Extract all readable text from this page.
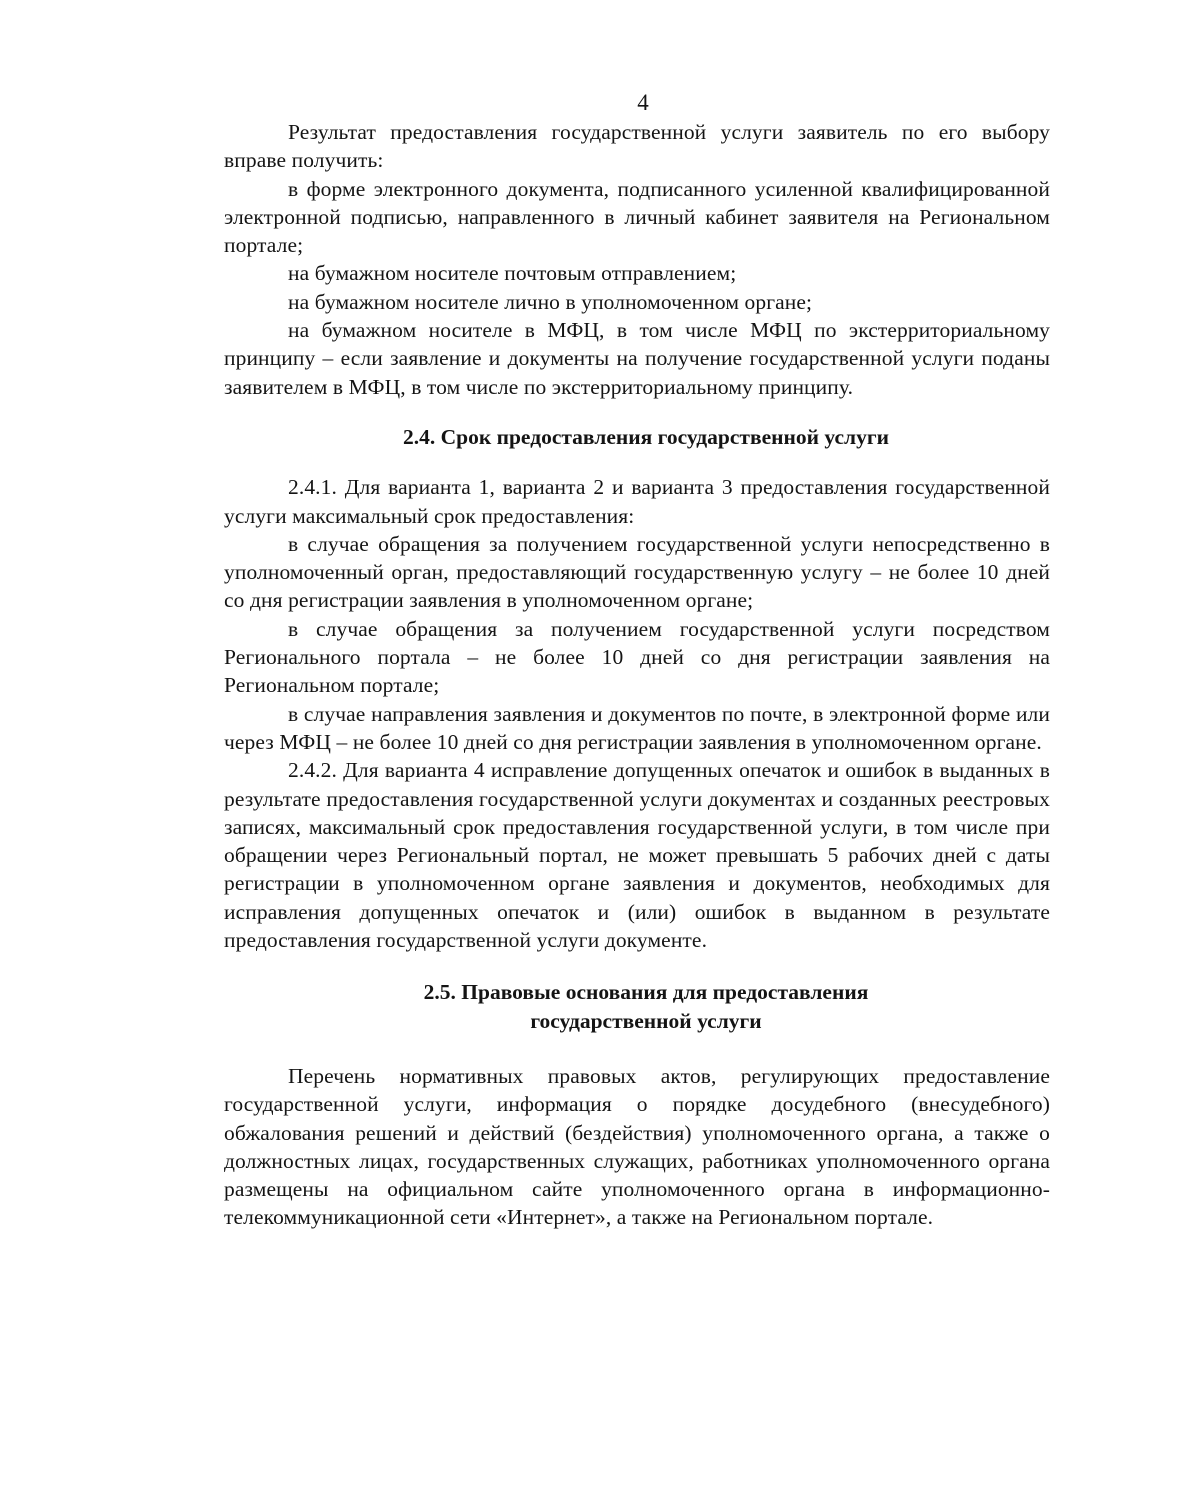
4

Результат предоставления государственной услуги заявитель по его выбору вправе получить:

в форме электронного документа, подписанного усиленной квалифицированной электронной подписью, направленного в личный кабинет заявителя на Региональном портале;

на бумажном носителе почтовым отправлением;

на бумажном носителе лично в уполномоченном органе;

на бумажном носителе в МФЦ, в том числе МФЦ по экстерриториальному принципу – если заявление и документы на получение государственной услуги поданы заявителем в МФЦ, в том числе по экстерриториальному принципу.

2.4. Срок предоставления государственной услуги

2.4.1. Для варианта 1, варианта 2 и варианта 3 предоставления государственной услуги максимальный срок предоставления:

в случае обращения за получением государственной услуги непосредственно в уполномоченный орган, предоставляющий государственную услугу – не более 10 дней со дня регистрации заявления в уполномоченном органе;

в случае обращения за получением государственной услуги посредством Регионального портала – не более 10 дней со дня регистрации заявления на Региональном портале;

в случае направления заявления и документов по почте, в электронной форме или через МФЦ – не более 10 дней со дня регистрации заявления в уполномоченном органе.

2.4.2. Для варианта 4 исправление допущенных опечаток и ошибок в выданных в результате предоставления государственной услуги документах и созданных реестровых записях, максимальный срок предоставления государственной услуги, в том числе при обращении через Региональный портал, не может превышать 5 рабочих дней с даты регистрации в уполномоченном органе заявления и документов, необходимых для исправления допущенных опечаток и (или) ошибок в выданном в результате предоставления государственной услуги документе.

2.5. Правовые основания для предоставления
государственной услуги

Перечень нормативных правовых актов, регулирующих предоставление государственной услуги, информация о порядке досудебного (внесудебного) обжалования решений и действий (бездействия) уполномоченного органа, а также о должностных лицах, государственных служащих, работниках уполномоченного органа размещены на официальном сайте уполномоченного органа в информационно-телекоммуникационной сети «Интернет», а также на Региональном портале.
